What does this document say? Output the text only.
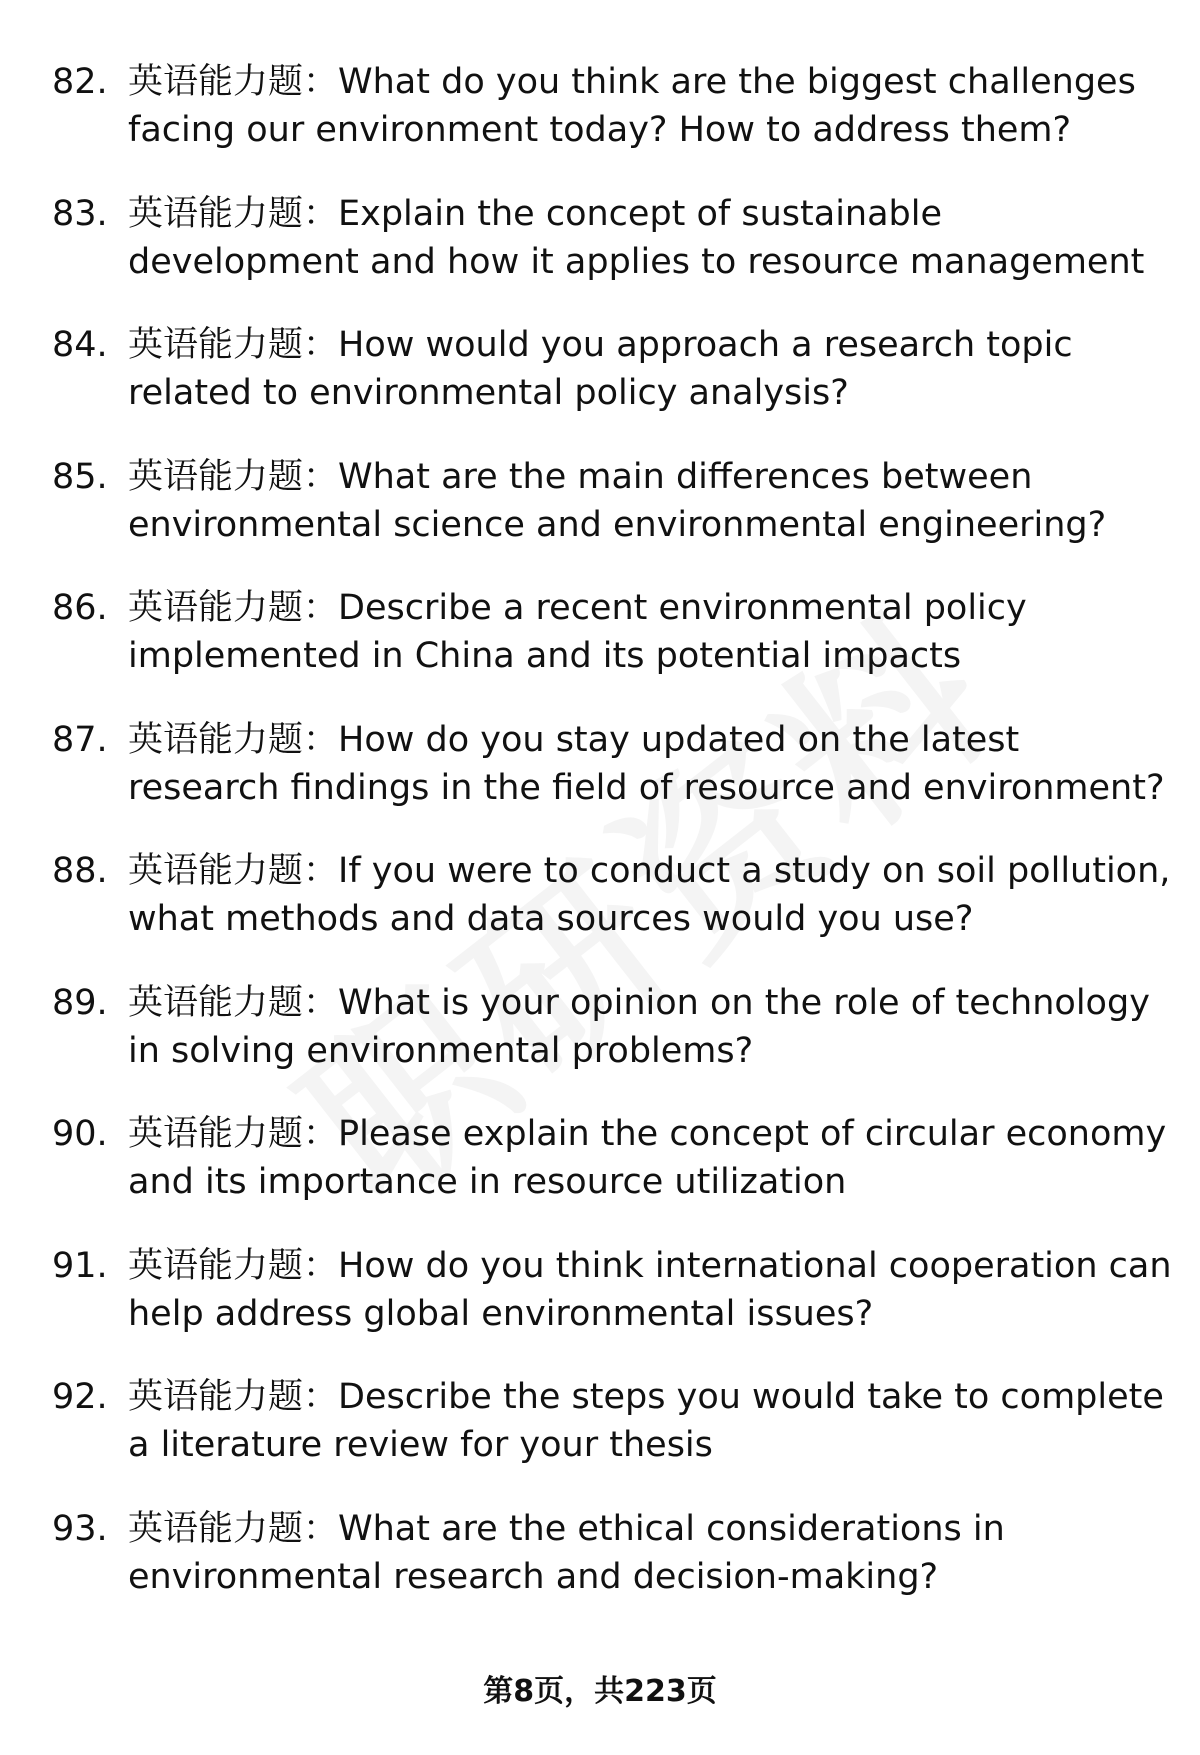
82. 英语能力题：What do you think are the biggest challenges facing our environment today? How to address them?
83. 英语能力题：Explain the concept of sustainable development and how it applies to resource management
84. 英语能力题：How would you approach a research topic related to environmental policy analysis?
85. 英语能力题：What are the main differences between environmental science and environmental engineering?
86. 英语能力题：Describe a recent environmental policy implemented in China and its potential impacts
87. 英语能力题：How do you stay updated on the latest research findings in the field of resource and environment?
88. 英语能力题：If you were to conduct a study on soil pollution, what methods and data sources would you use?
89. 英语能力题：What is your opinion on the role of technology in solving environmental problems?
90. 英语能力题：Please explain the concept of circular economy and its importance in resource utilization
91. 英语能力题：How do you think international cooperation can help address global environmental issues?
92. 英语能力题：Describe the steps you would take to complete a literature review for your thesis
93. 英语能力题：What are the ethical considerations in environmental research and decision-making?
第8页，共223页
